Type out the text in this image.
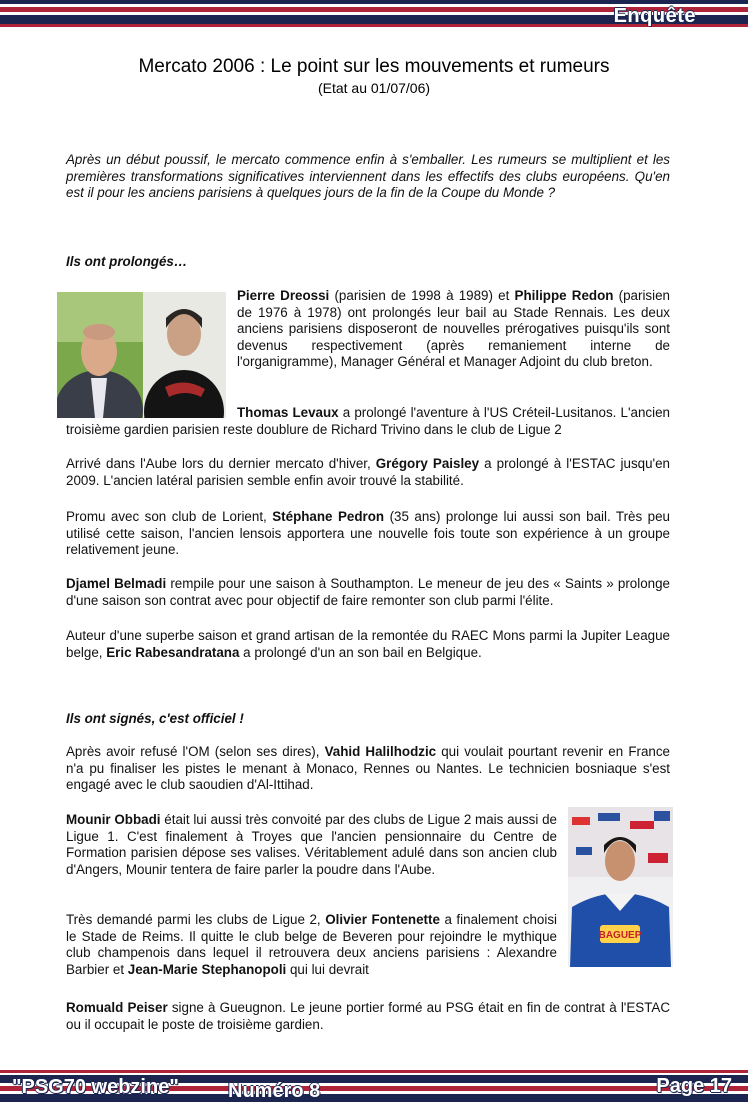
Enquête
Mercato 2006 : Le point sur les mouvements et rumeurs
(Etat au 01/07/06)
Après un début poussif, le mercato commence enfin à s'emballer. Les rumeurs se multiplient et les premières transformations significatives interviennent dans les effectifs des clubs européens. Qu'en est il pour les anciens parisiens à quelques jours de la fin de la Coupe du Monde ?
Ils ont prolongés…

Pierre Dreossi (parisien de 1998 à 1989) et Philippe Redon (parisien de 1976 à 1978) ont prolongés leur bail au Stade Rennais. Les deux anciens parisiens disposeront de nouvelles prérogatives puisqu'ils sont devenus respectivement (après remaniement interne de l'organigramme), Manager Général et Manager Adjoint du club breton.

Thomas Levaux a prolongé l'aventure à l'US Créteil-Lusitanos. L'ancien troisième gardien parisien reste doublure de Richard Trivino dans le club de Ligue 2

Arrivé dans l'Aube lors du dernier mercato d'hiver, Grégory Paisley a prolongé à l'ESTAC jusqu'en 2009. L'ancien latéral parisien semble enfin avoir trouvé la stabilité.

Promu avec son club de Lorient, Stéphane Pedron (35 ans) prolonge lui aussi son bail. Très peu utilisé cette saison, l'ancien lensois apportera une nouvelle fois toute son expérience à un groupe relativement jeune.

Djamel Belmadi rempile pour une saison à Southampton. Le meneur de jeu des « Saints » prolonge d'une saison son contrat avec pour objectif de faire remonter son club parmi l'élite.

Auteur d'une superbe saison et grand artisan de la remontée du RAEC Mons parmi la Jupiter League belge, Eric Rabesandratana a prolongé d'un an son bail en Belgique.

Ils ont signés, c'est officiel !

Après avoir refusé l'OM (selon ses dires), Vahid Halilhodzic qui voulait pourtant revenir en France n'a pu finaliser les pistes le menant à Monaco, Rennes ou Nantes. Le technicien bosniaque s'est engagé avec le club saoudien d'Al-Ittihad.

BAGUEP

Mounir Obbadi était lui aussi très convoité par des clubs de Ligue 2 mais aussi de Ligue 1. C'est finalement à Troyes que l'ancien pensionnaire du Centre de Formation parisien dépose ses valises. Véritablement adulé dans son ancien club d'Angers, Mounir tentera de faire parler la poudre dans l'Aube.

Très demandé parmi les clubs de Ligue 2, Olivier Fontenette a finalement choisi le Stade de Reims. Il quitte le club belge de Beveren pour rejoindre le mythique club champenois dans lequel il retrouvera deux anciens parisiens : Alexandre Barbier et Jean-Marie Stephanopoli qui lui devrait

Romuald Peiser signe à Gueugnon. Le jeune portier formé au PSG était en fin de contrat à l'ESTAC ou il occupait le poste de troisième gardien.

"PSG70 webzine" Numéro 8	Page 17
